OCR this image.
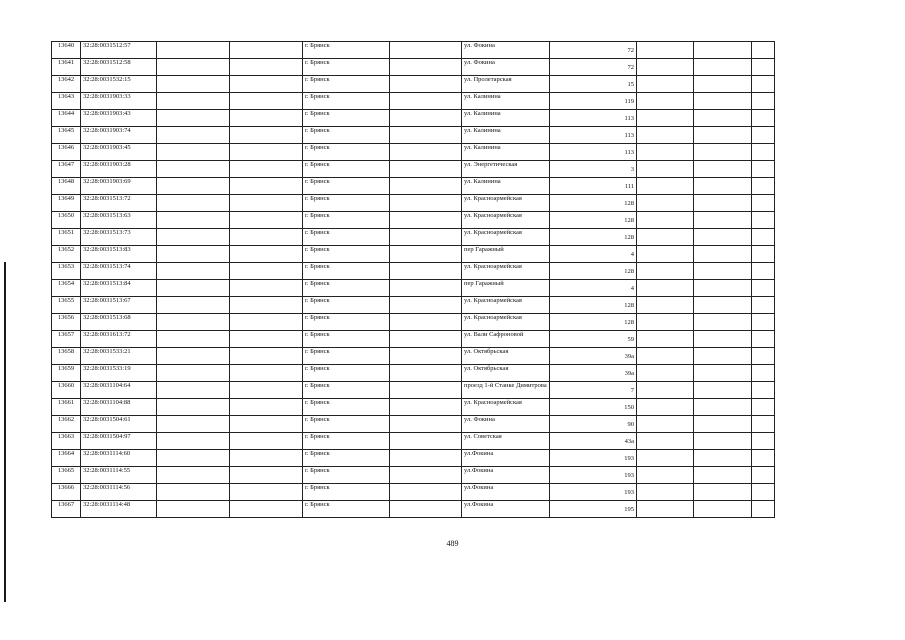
13640	32:28:0031512:57			г. Брянск		ул. Фокина	72			
13641	32:28:0031512:58			г. Брянск		ул. Фокина	72			
13642	32:28:0031532:15			г. Брянск		ул. Пролетарская	15			
13643	32:28:0031903:33			г. Брянск		ул. Калинина	119			
13644	32:28:0031903:43			г. Брянск		ул. Калинина	113			
13645	32:28:0031903:74			г. Брянск		ул. Калинина	113			
13646	32:28:0031903:45			г. Брянск		ул. Калинина	113			
13647	32:28:0031903:28			г. Брянск		ул. Энергетическая	3			
13648	32:28:0031903:69			г. Брянск		ул. Калинина	111			
13649	32:28:0031513:72			г. Брянск		ул. Красноармейская	128			
13650	32:28:0031513:63			г. Брянск		ул. Красноармейская	128			
13651	32:28:0031513:73			г. Брянск		ул. Красноармейская	128			
13652	32:28:0031513:83			г. Брянск		пер Гаражный	4			
13653	32:28:0031513:74			г. Брянск		ул. Красноармейская	128			
13654	32:28:0031513:84			г. Брянск		пер Гаражный	4			
13655	32:28:0031513:67			г. Брянск		ул. Красноармейская	128			
13656	32:28:0031513:68			г. Брянск		ул. Красноармейская	128			
13657	32:28:0031613:72			г. Брянск		ул. Вали Сафроновой	59			
13658	32:28:0031533:21			г. Брянск		ул. Октябрьская	39а			
13659	32:28:0031533:19			г. Брянск		ул. Октябрьская	39а			
13660	32:28:0031104:64			г. Брянск		проезд 1-й Станке Димитрова	7			
13661	32:28:0031104:88			г. Брянск		ул. Красноармейская	150			
13662	32:28:0031504:61			г. Брянск		ул. Фокина	90			
13663	32:28:0031504:97			г. Брянск		ул. Советская	43а			
13664	32:28:0031114:60			г. Брянск		ул.Фокина	193			
13665	32:28:0031114:55			г. Брянск		ул.Фокина	193			
13666	32:28:0031114:56			г. Брянск		ул.Фокина	193			
13667	32:28:0031114:48			г. Брянск		ул.Фокина	195			
489
